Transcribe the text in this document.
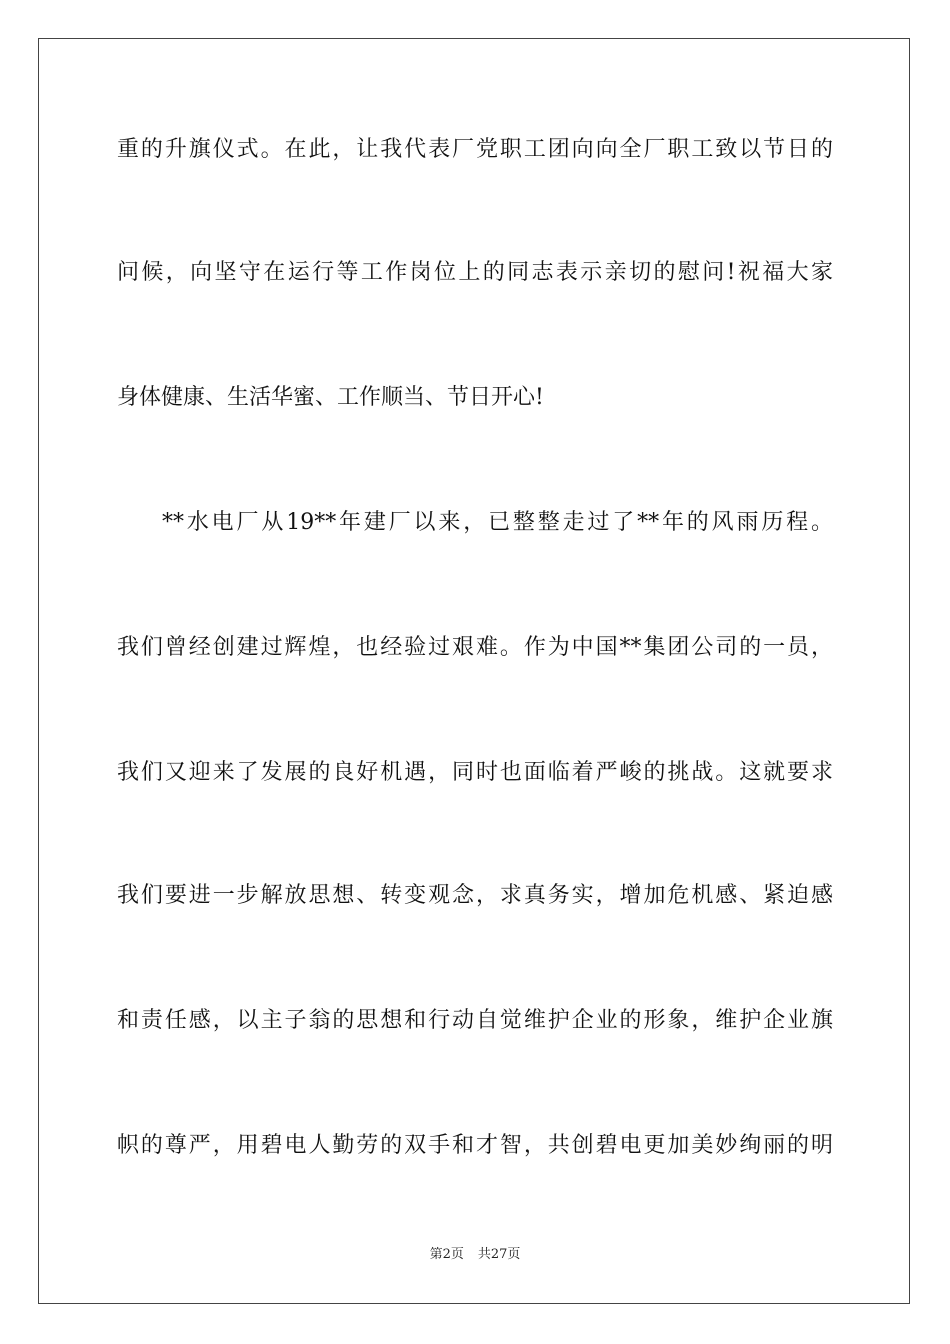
重的升旗仪式。在此，让我代表厂党职工团向向全厂职工致以节日的
问候，向坚守在运行等工作岗位上的同志表示亲切的慰问!祝福大家
身体健康、生活华蜜、工作顺当、节日开心!
**水电厂从19**年建厂以来，已整整走过了**年的风雨历程。
我们曾经创建过辉煌，也经验过艰难。作为中国**集团公司的一员，
我们又迎来了发展的良好机遇，同时也面临着严峻的挑战。这就要求
我们要进一步解放思想、转变观念，求真务实，增加危机感、紧迫感
和责任感，以主子翁的思想和行动自觉维护企业的形象，维护企业旗
帜的尊严，用碧电人勤劳的双手和才智，共创碧电更加美妙绚丽的明
第2页 共27页
